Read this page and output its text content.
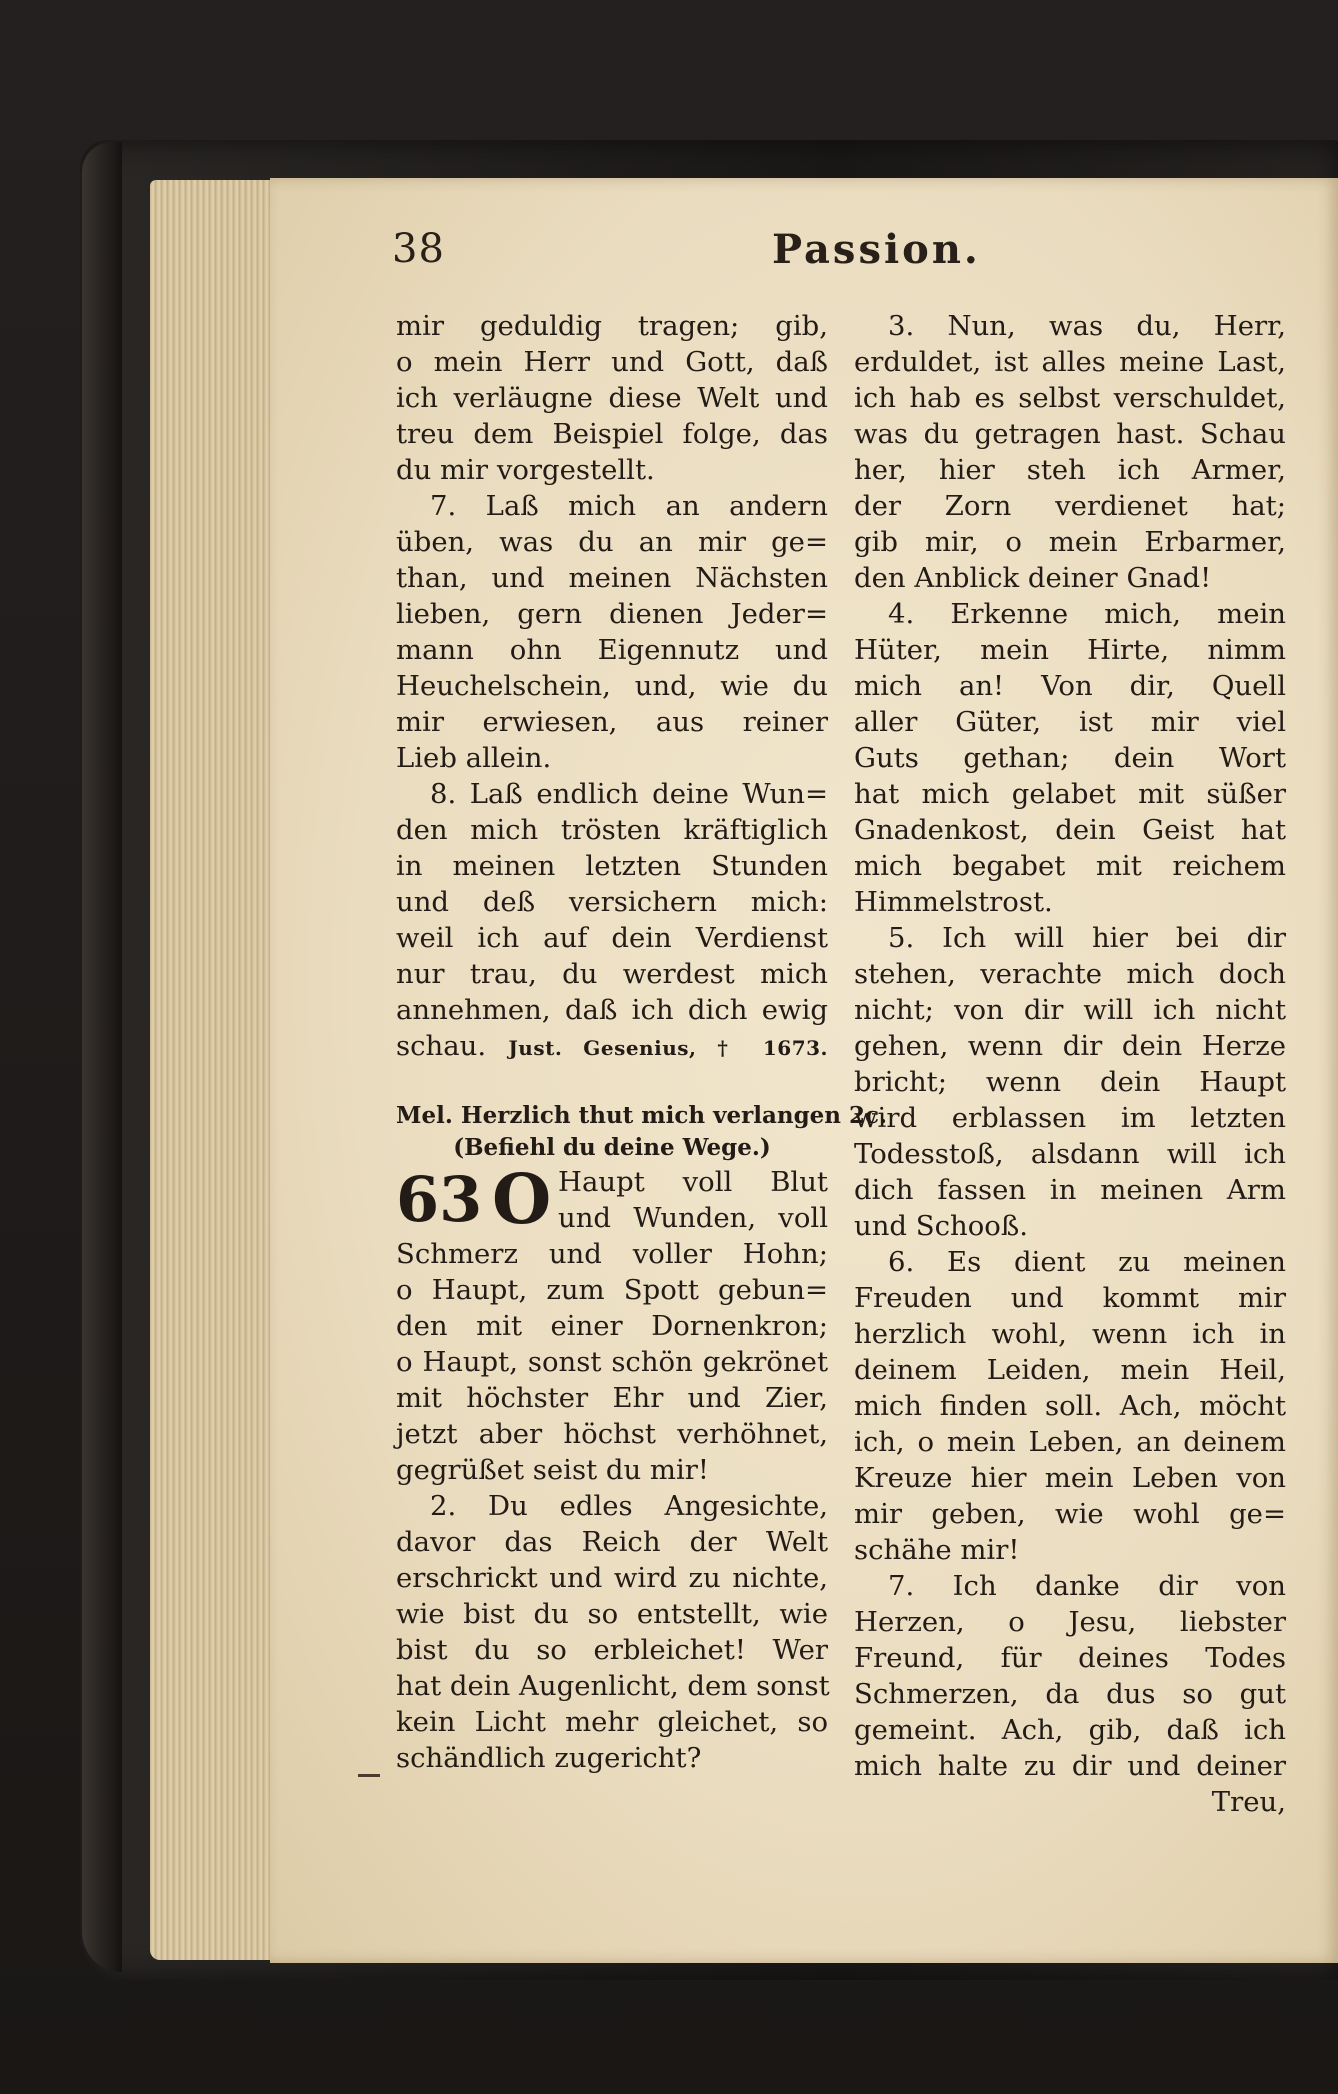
38	Passion.
mir geduldig tragen; gib,
o mein Herr und Gott, daß
ich verläugne diese Welt und
treu dem Beispiel folge, das
du mir vorgestellt.
7. Laß mich an andern
üben, was du an mir ge=
than, und meinen Nächsten
lieben, gern dienen Jeder=
mann ohn Eigennutz und
Heuchelschein, und, wie du
mir erwiesen, aus reiner
Lieb allein.
8. Laß endlich deine Wun=
den mich trösten kräftiglich
in meinen letzten Stunden
und deß versichern mich:
weil ich auf dein Verdienst
nur trau, du werdest mich
annehmen, daß ich dich ewig
schau. Just. Gesenius, † 1673.
Mel. Herzlich thut mich verlangen 2c.
(Befiehl du deine Wege.)
63 O Haupt voll Blut
und Wunden, voll
Schmerz und voller Hohn;
o Haupt, zum Spott gebun=
den mit einer Dornenkron;
o Haupt, sonst schön gekrönet
mit höchster Ehr und Zier,
jetzt aber höchst verhöhnet,
gegrüßet seist du mir!
2. Du edles Angesichte,
davor das Reich der Welt
erschrickt und wird zu nichte,
wie bist du so entstellt, wie
bist du so erbleichet! Wer
hat dein Augenlicht, dem sonst
kein Licht mehr gleichet, so
schändlich zugericht?
3. Nun, was du, Herr,
erduldet, ist alles meine Last,
ich hab es selbst verschuldet,
was du getragen hast. Schau
her, hier steh ich Armer,
der Zorn verdienet hat;
gib mir, o mein Erbarmer,
den Anblick deiner Gnad!
4. Erkenne mich, mein
Hüter, mein Hirte, nimm
mich an! Von dir, Quell
aller Güter, ist mir viel
Guts gethan; dein Wort
hat mich gelabet mit süßer
Gnadenkost, dein Geist hat
mich begabet mit reichem
Himmelstrost.
5. Ich will hier bei dir
stehen, verachte mich doch
nicht; von dir will ich nicht
gehen, wenn dir dein Herze
bricht; wenn dein Haupt
wird erblassen im letzten
Todesstoß, alsdann will ich
dich fassen in meinen Arm
und Schooß.
6. Es dient zu meinen
Freuden und kommt mir
herzlich wohl, wenn ich in
deinem Leiden, mein Heil,
mich finden soll. Ach, möcht
ich, o mein Leben, an deinem
Kreuze hier mein Leben von
mir geben, wie wohl ge=
schähe mir!
7. Ich danke dir von
Herzen, o Jesu, liebster
Freund, für deines Todes
Schmerzen, da dus so gut
gemeint. Ach, gib, daß ich
mich halte zu dir und deiner
Treu,
